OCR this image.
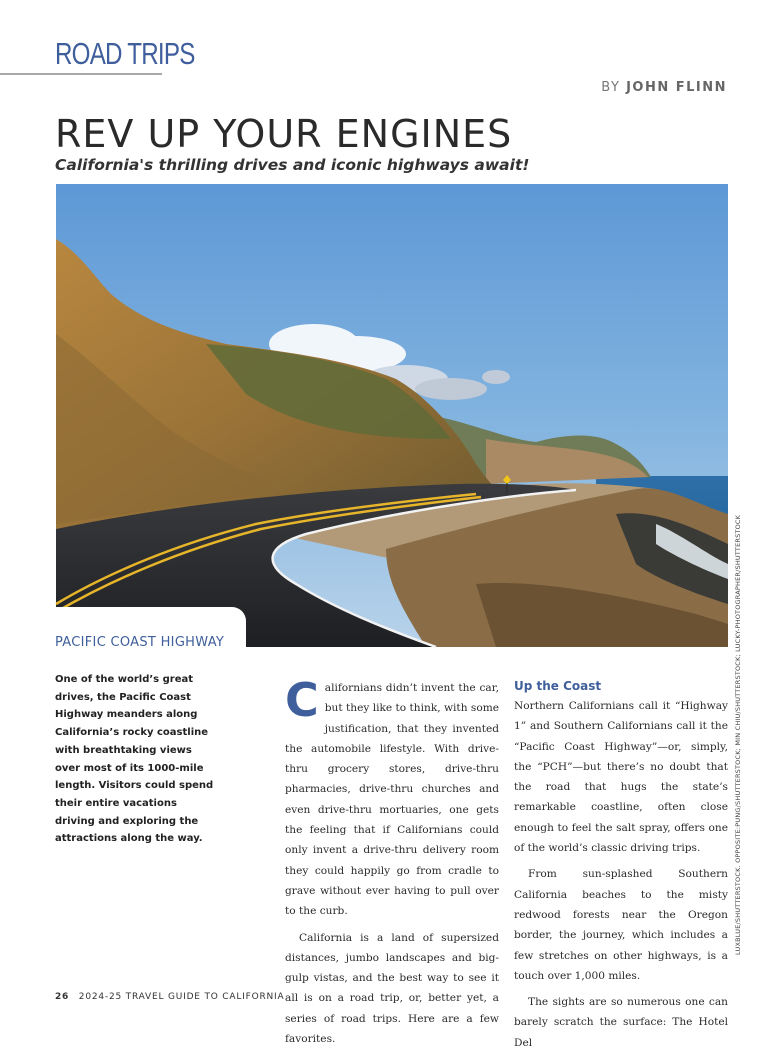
ROAD TRIPS
BY JOHN FLINN
REV UP YOUR ENGINES
California's thrilling drives and iconic highways await!
LUXBLUE/SHUTTERSTOCK. OPPOSITE:PUNG/SHUTTERSTOCK; MIN CHIU/SHUTTERSTOCK; LUCKY-PHOTOGRAPHER/SHUTTERSTOCK
PACIFIC COAST HIGHWAY
One of the world’s great drives, the Pacific Coast Highway meanders along California’s rocky coastline with breathtaking views over most of its 1000-mile length. Visitors could spend their entire vacations driving and exploring the attractions along the way.

Californians didn’t invent the car, but they like to think, with some justification, that they invented the automobile lifestyle. With drive-thru grocery stores, drive-thru pharmacies, drive-thru churches and even drive-thru mortuaries, one gets the feeling that if Californians could only invent a drive-thru delivery room they could happily go from cradle to grave without ever having to pull over to the curb.

California is a land of supersized distances, jumbo landscapes and big-gulp vistas, and the best way to see it all is on a road trip, or, better yet, a series of road trips. Here are a few favorites.

Up the Coast

Northern Californians call it “Highway 1” and Southern Californians call it the “Pacific Coast Highway”—or, simply, the “PCH”—but there’s no doubt that the road that hugs the state’s remarkable coastline, often close enough to feel the salt spray, offers one of the world’s classic driving trips.

From sun-splashed Southern California beaches to the misty redwood forests near the Oregon border, the journey, which includes a few stretches on other highways, is a touch over 1,000 miles.

The sights are so numerous one can barely scratch the surface: The Hotel Del

26 2024-25 TRAVEL GUIDE TO CALIFORNIA
